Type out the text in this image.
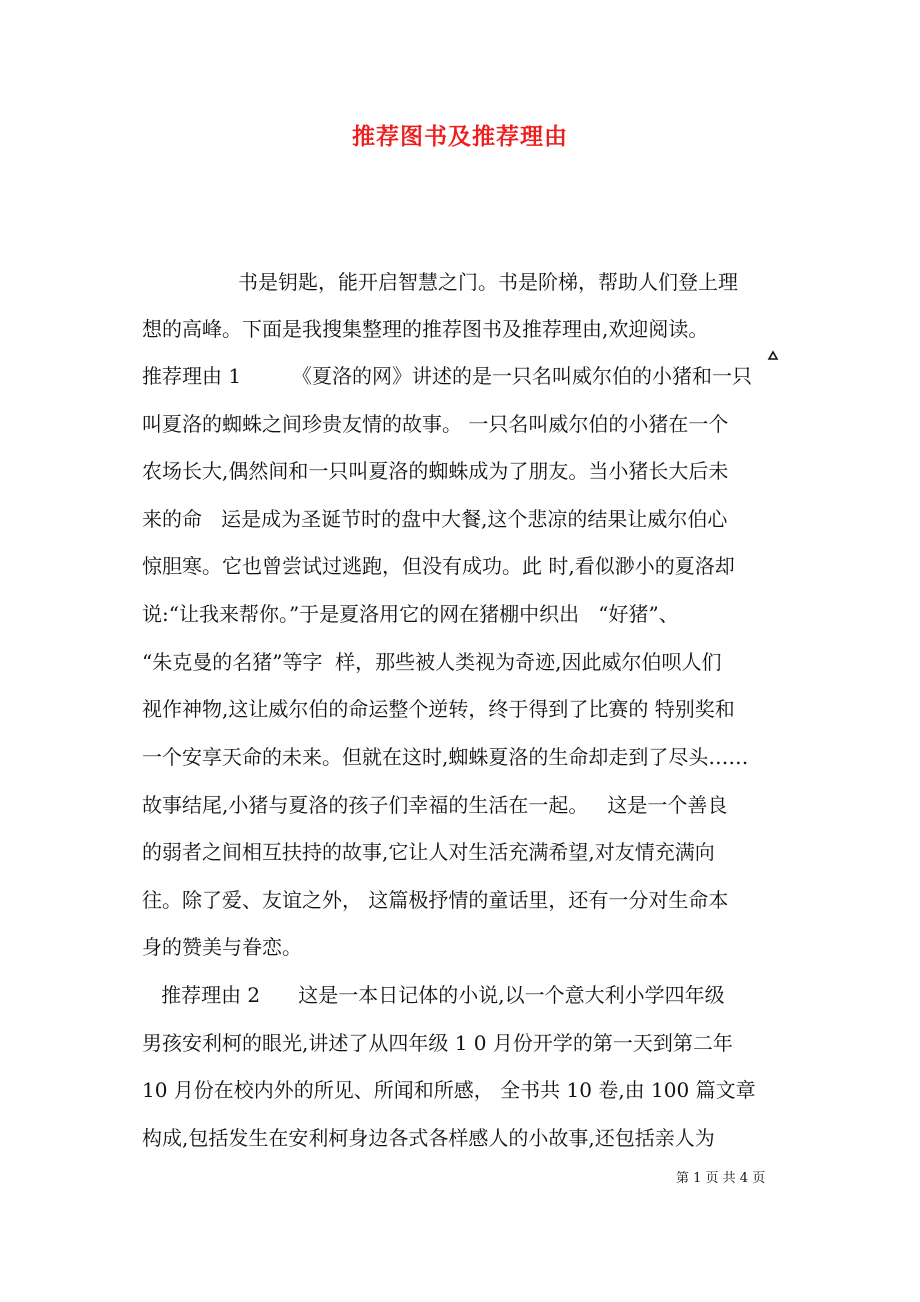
推荐图书及推荐理由
书是钥匙，能开启智慧之门。书是阶梯，帮助人们登上理
想的高峰。下面是我搜集整理的推荐图书及推荐理由,欢迎阅读。
推荐理由 1        《夏洛的网》讲述的是一只名叫威尔伯的小猪和一只
叫夏洛的蜘蛛之间珍贵友情的故事。 一只名叫威尔伯的小猪在一个
农场长大,偶然间和一只叫夏洛的蜘蛛成为了朋友。当小猪长大后未
来的命   运是成为圣诞节时的盘中大餐,这个悲凉的结果让威尔伯心
惊胆寒。它也曾尝试过逃跑，但没有成功。此 时,看似渺小的夏洛却
说:“让我来帮你。”于是夏洛用它的网在猪棚中织出   “好猪”、
“朱克曼的名猪”等字  样，那些被人类视为奇迹,因此威尔伯呗人们
视作神物,这让威尔伯的命运整个逆转，终于得到了比赛的 特别奖和
一个安享天命的未来。但就在这时,蜘蛛夏洛的生命却走到了尽头……
故事结尾,小猪与夏洛的孩子们幸福的生活在一起。   这是一个善良
的弱者之间相互扶持的故事,它让人对生活充满希望,对友情充满向
往。除了爱、友谊之外， 这篇极抒情的童话里，还有一分对生命本
身的赞美与眷恋。
推荐理由 2      这是一本日记体的小说,以一个意大利小学四年级
男孩安利柯的眼光,讲述了从四年级 1 0 月份开学的第一天到第二年
10 月份在校内外的所见、所闻和所感， 全书共 10 卷,由 100 篇文章
构成,包括发生在安利柯身边各式各样感人的小故事,还包括亲人为
第 1 页 共 4 页
